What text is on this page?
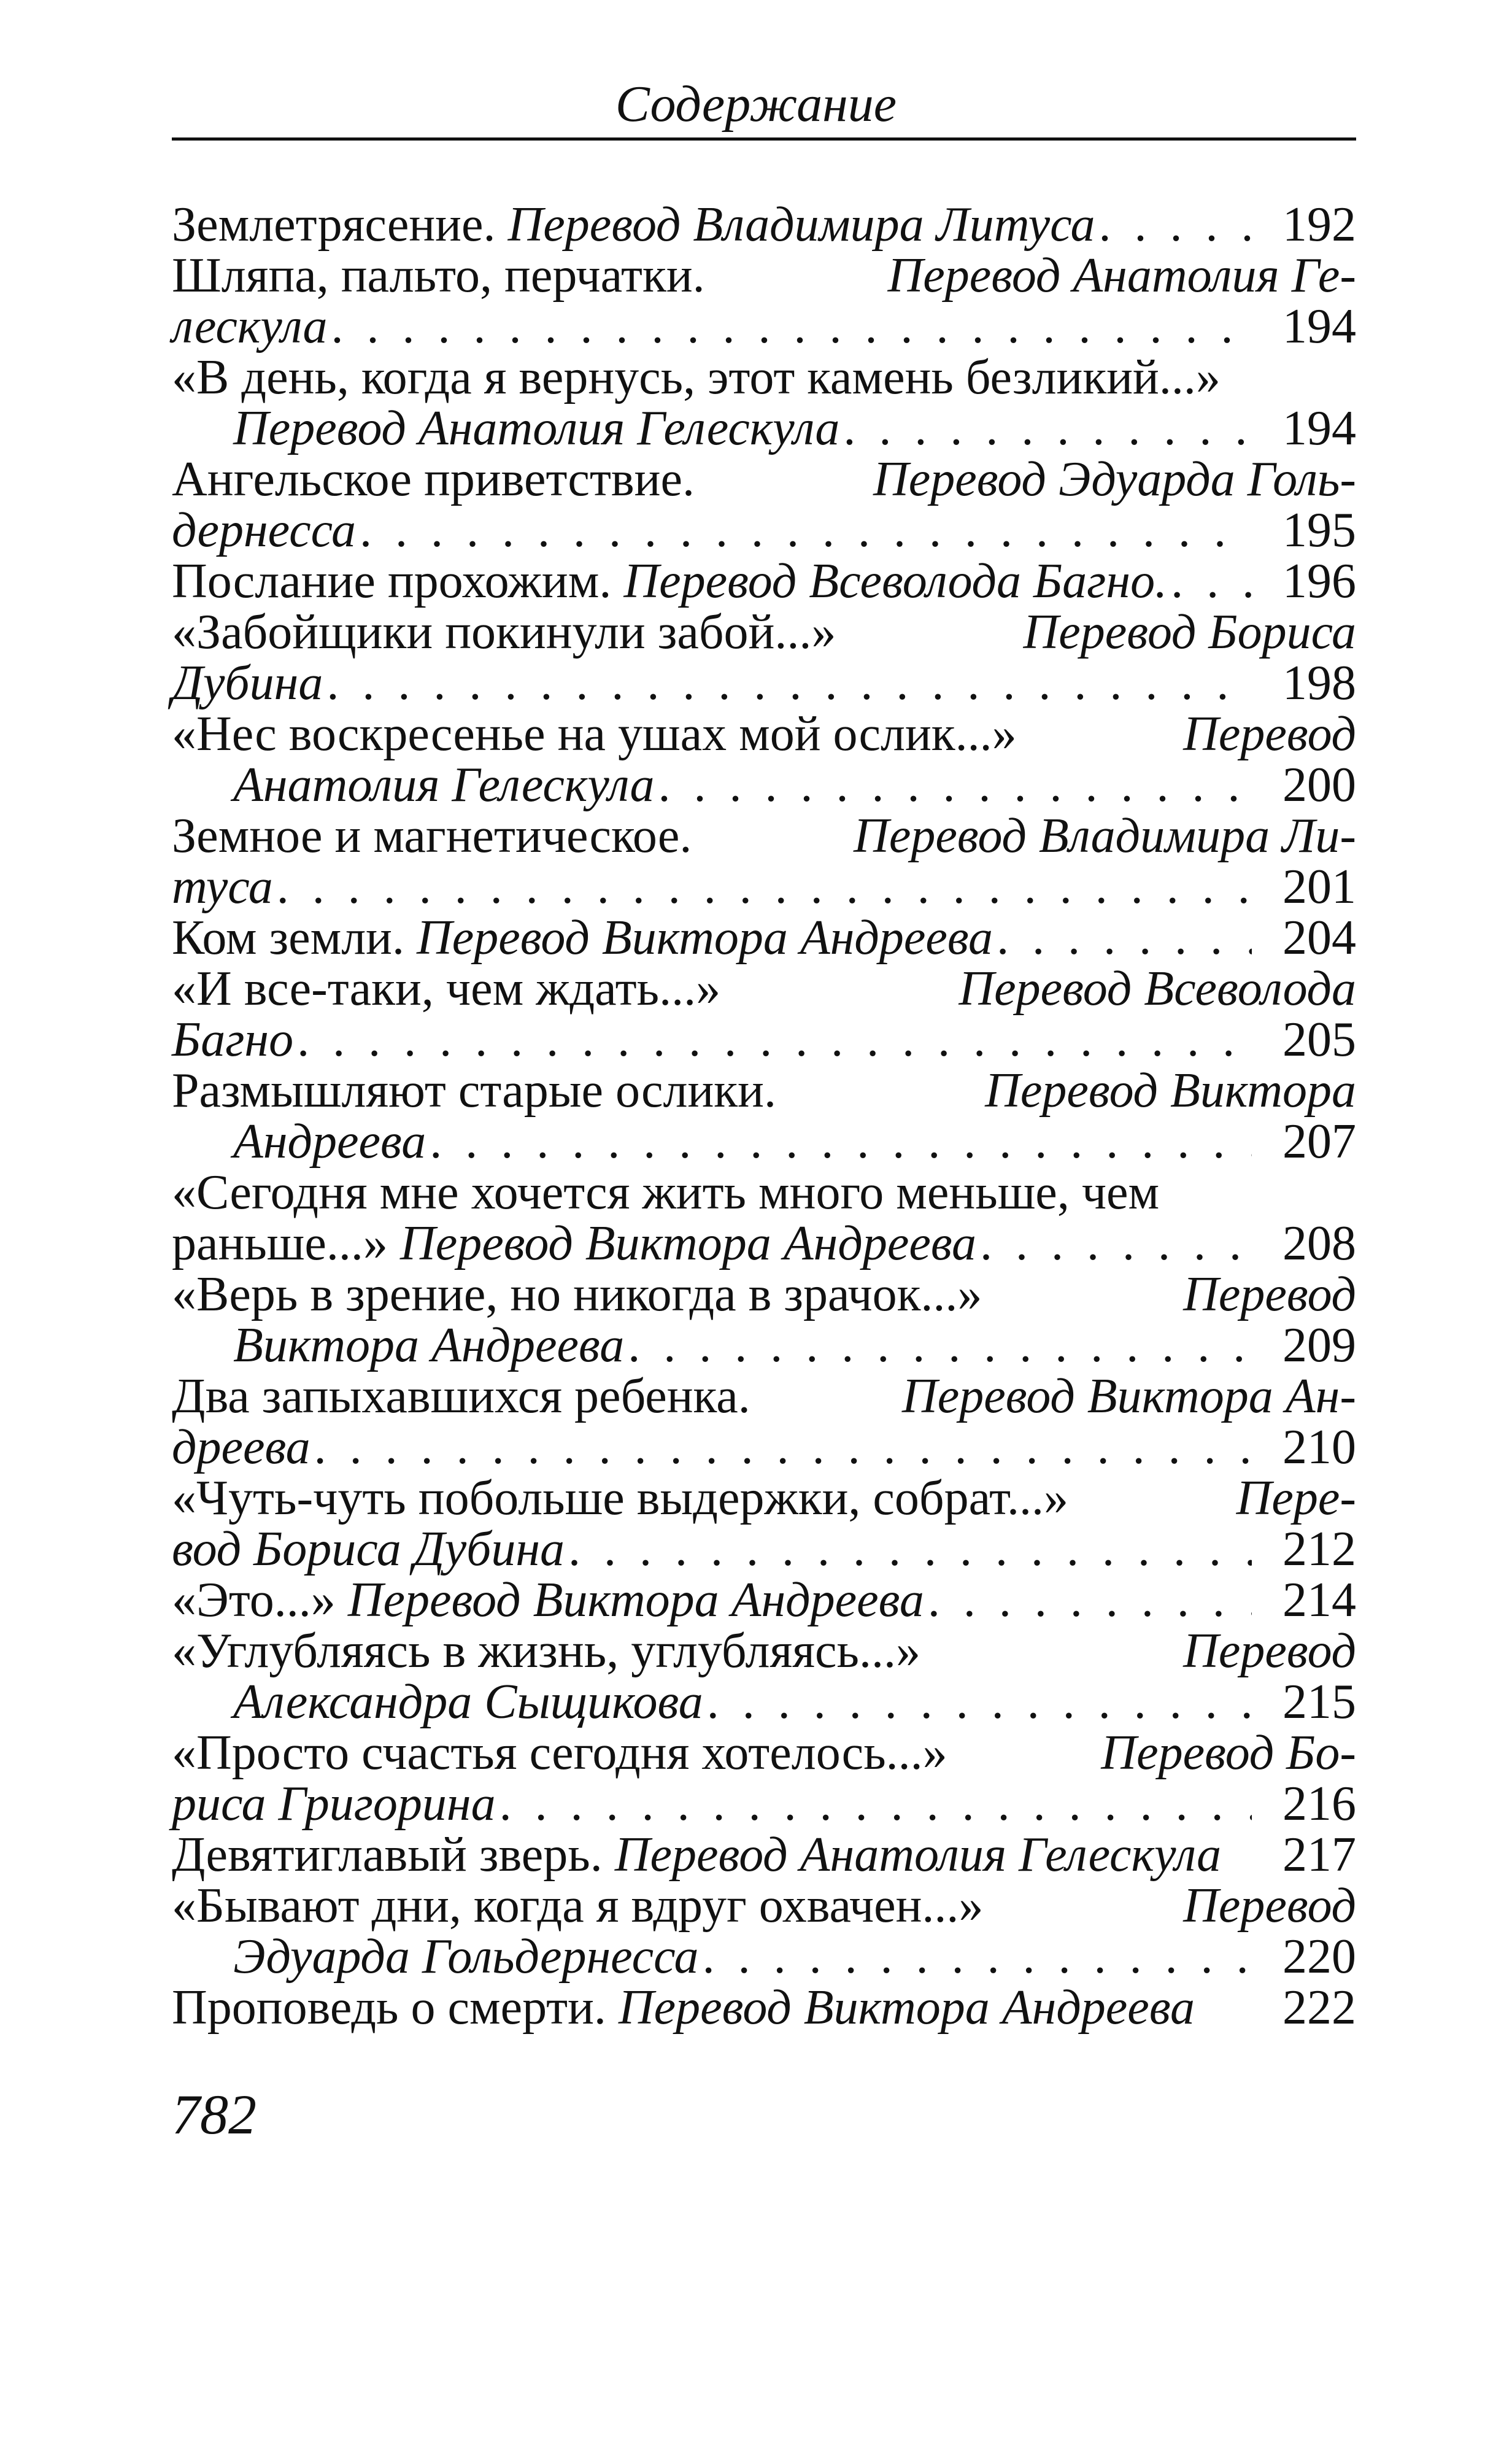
Содержание
Землетрясение. Перевод Владимира Литуса . . .	192
Шляпа, пальто, перчатки.	Перевод Анатолия Ге-
лескула . . .	194
«В день, когда я вернусь, этот камень безликий...»
Перевод Анатолия Гелескула . . .	194
Ангельское приветствие.	Перевод Эдуарда Голь-
дернесса . . .	195
Послание прохожим. Перевод Всеволода Багно. . . .	196
«Забойщики покинули забой...»	Перевод Бориса
Дубина . . .	198
«Нес воскресенье на ушах мой ослик...»	Перевод
Анатолия Гелескула . . .	200
Земное и магнетическое.	Перевод Владимира Ли-
туса . . .	201
Ком земли. Перевод Виктора Андреева . . .	204
«И все-таки, чем ждать...»	Перевод Всеволода
Багно . . .	205
Размышляют старые ослики.	Перевод Виктора
Андреева . . .	207
«Сегодня мне хочется жить много меньше, чем
раньше...» Перевод Виктора Андреева . . .	208
«Верь в зрение, но никогда в зрачок...»	Перевод
Виктора Андреева . . .	209
Два запыхавшихся ребенка.	Перевод Виктора Ан-
дреева . . .	210
«Чуть-чуть побольше выдержки, собрат...»	Пере-
вод Бориса Дубина . . .	212
«Это...» Перевод Виктора Андреева . . .	214
«Углубляясь в жизнь, углубляясь...»	Перевод
Александра Сыщикова . . .	215
«Просто счастья сегодня хотелось...»	Перевод Бо-
риса Григорина . . .	216
Девятиглавый зверь. Перевод Анатолия Гелескула	217
«Бывают дни, когда я вдруг охвачен...»	Перевод
Эдуарда Гольдернесса . . .	220
Проповедь о смерти. Перевод Виктора Андреева	222
782
